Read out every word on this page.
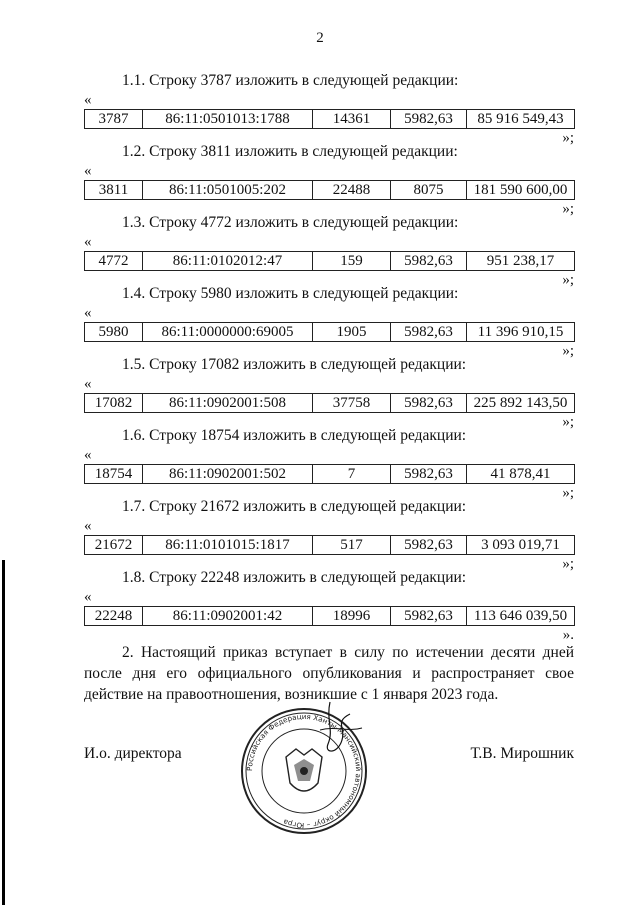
2
1.1. Строку 3787 изложить в следующей редакции:
«
3787	86:11:0501013:1788	14361	5982,63	85 916 549,43
»;
1.2. Строку 3811 изложить в следующей редакции:
«
3811	86:11:0501005:202	22488	8075	181 590 600,00
»;
1.3. Строку 4772 изложить в следующей редакции:
«
4772	86:11:0102012:47	159	5982,63	951 238,17
»;
1.4. Строку 5980 изложить в следующей редакции:
«
5980	86:11:0000000:69005	1905	5982,63	11 396 910,15
»;
1.5. Строку 17082 изложить в следующей редакции:
«
17082	86:11:0902001:508	37758	5982,63	225 892 143,50
»;
1.6. Строку 18754 изложить в следующей редакции:
«
18754	86:11:0902001:502	7	5982,63	41 878,41
»;
1.7. Строку 21672 изложить в следующей редакции:
«
21672	86:11:0101015:1817	517	5982,63	3 093 019,71
»;
1.8. Строку 22248 изложить в следующей редакции:
«
22248	86:11:0902001:42	18996	5982,63	113 646 039,50
».
2. Настоящий приказ вступает в силу по истечении десяти дней после дня его официального опубликования и распространяет свое действие на правоотношения, возникшие с 1 января 2023 года.
Российская Федерация Ханты-Мансийский автономный округ – Югра
И.о. директора	Т.В. Мирошник
